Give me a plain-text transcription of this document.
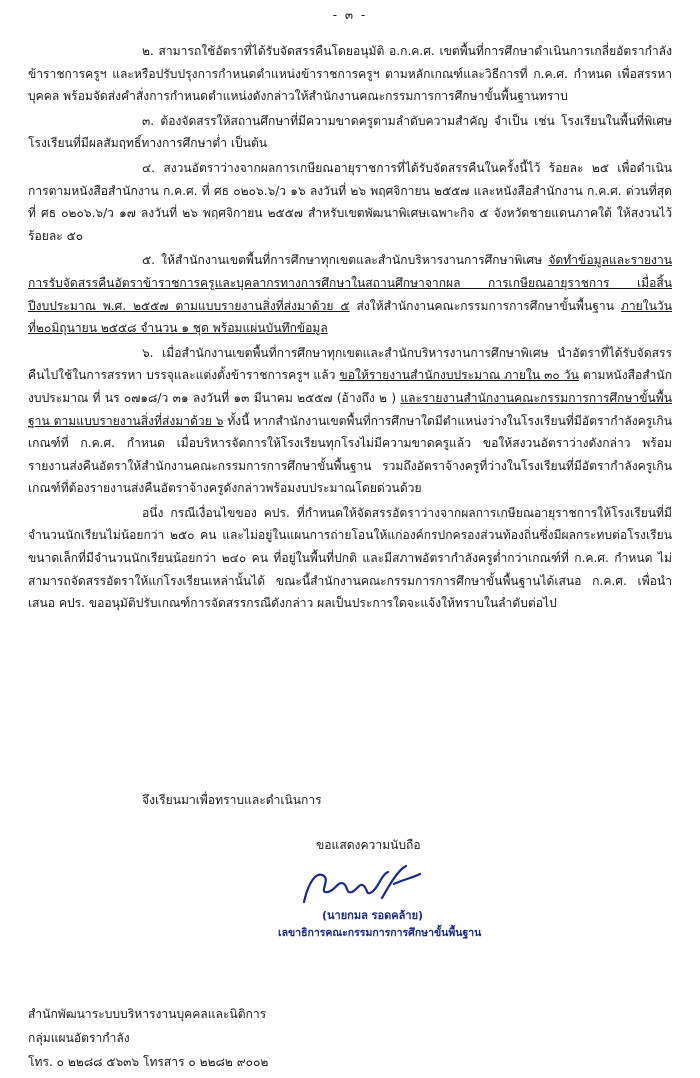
- ๓ -

๒. สามารถใช้อัตราที่ได้รับจัดสรรคืนโดยอนุมัติ อ.ก.ค.ศ. เขตพื้นที่การศึกษาดำเนินการเกลี่ยอัตรากำลังข้าราชการครูฯ และหรือปรับปรุงการกำหนดตำแหน่งข้าราชการครูฯ ตามหลักเกณฑ์และวิธีการที่ ก.ค.ศ. กำหนด เพื่อสรรหาบุคคล พร้อมจัดส่งคำสั่งการกำหนดตำแหน่งดังกล่าวให้สำนักงานคณะกรรมการการศึกษาขั้นพื้นฐานทราบ

๓. ต้องจัดสรรให้สถานศึกษาที่มีความขาดครูตามลำดับความสำคัญ จำเป็น เช่น โรงเรียนในพื้นที่พิเศษ โรงเรียนที่มีผลสัมฤทธิ์ทางการศึกษาต่ำ เป็นต้น

๔. สงวนอัตราว่างจากผลการเกษียณอายุราชการที่ได้รับจัดสรรคืนในครั้งนี้ไว้ ร้อยละ ๒๕ เพื่อดำเนินการตามหนังสือสำนักงาน ก.ค.ศ. ที่ ศธ ๐๒๐๖.๖/ว ๑๖ ลงวันที่ ๒๖ พฤศจิกายน ๒๕๕๗ และหนังสือสำนักงาน ก.ค.ศ. ด่วนที่สุด ที่ ศธ ๐๒๐๖.๖/ว ๑๗ ลงวันที่ ๒๖ พฤศจิกายน ๒๕๕๗ สำหรับเขตพัฒนาพิเศษเฉพาะกิจ ๕ จังหวัดชายแดนภาคใต้ ให้สงวนไว้ ร้อยละ ๕๐

๕. ให้สำนักงานเขตพื้นที่การศึกษาทุกเขตและสำนักบริหารงานการศึกษาพิเศษ จัดทำข้อมูลและรายงานการรับจัดสรรคืนอัตราข้าราชการครูและบุคลากรทางการศึกษาในสถานศึกษาจากผล การเกษียณอายุราชการ เมื่อสิ้นปีงบประมาณ พ.ศ. ๒๕๕๗ ตามแบบรายงานสิ่งที่ส่งมาด้วย ๕ ส่งให้สำนักงานคณะกรรมการการศึกษาขั้นพื้นฐาน ภายในวันที่๒๐มิถุนายน ๒๕๕๘ จำนวน ๑ ชุด พร้อมแผ่นบันทึกข้อมูล

๖. เมื่อสำนักงานเขตพื้นที่การศึกษาทุกเขตและสำนักบริหารงานการศึกษาพิเศษ นำอัตราที่ได้รับจัดสรรคืนไปใช้ในการสรรหา บรรจุและแต่งตั้งข้าราชการครูฯ แล้ว ขอให้รายงานสำนักงบประมาณ ภายใน ๓๐ วัน ตามหนังสือสำนักงบประมาณ ที่ นร ๐๗๑๘/ว ๓๑ ลงวันที่ ๑๓ มีนาคม ๒๕๕๗ (อ้างถึง ๒ ) และรายงานสำนักงานคณะกรรมการการศึกษาขั้นพื้นฐาน ตามแบบรายงานสิ่งที่ส่งมาด้วย ๖ ทั้งนี้ หากสำนักงานเขตพื้นที่การศึกษาใดมีตำแหน่งว่างในโรงเรียนที่มีอัตรากำลังครูเกินเกณฑ์ที่ ก.ค.ศ. กำหนด เมื่อบริหารจัดการให้โรงเรียนทุกโรงไม่มีความขาดครูแล้ว ขอให้สงวนอัตราว่างดังกล่าว พร้อมรายงานส่งคืนอัตราให้สำนักงานคณะกรรมการการศึกษาขั้นพื้นฐาน รวมถึงอัตราจ้างครูที่ว่างในโรงเรียนที่มีอัตรากำลังครูเกินเกณฑ์ที่ต้องรายงานส่งคืนอัตราจ้างครูดังกล่าวพร้อมงบประมาณโดยด่วนด้วย

อนึ่ง กรณีเงื่อนไขของ คปร. ที่กำหนดให้จัดสรรอัตราว่างจากผลการเกษียณอายุราชการให้โรงเรียนที่มีจำนวนนักเรียนไม่น้อยกว่า ๒๕๐ คน และไม่อยู่ในแผนการถ่ายโอนให้แก่องค์กรปกครองส่วนท้องถิ่นซึ่งมีผลกระทบต่อโรงเรียนขนาดเล็กที่มีจำนวนนักเรียนน้อยกว่า ๒๔๐ คน ที่อยู่ในพื้นที่ปกติ และมีสภาพอัตรากำลังครูต่ำกว่าเกณฑ์ที่ ก.ค.ศ. กำหนด ไม่สามารถจัดสรรอัตราให้แก่โรงเรียนเหล่านั้นได้ ขณะนี้สำนักงานคณะกรรมการการศึกษาขั้นพื้นฐานได้เสนอ ก.ค.ศ. เพื่อนำเสนอ คปร. ขออนุมัติปรับเกณฑ์การจัดสรรกรณีดังกล่าว ผลเป็นประการใดจะแจ้งให้ทราบในลำดับต่อไป

จึงเรียนมาเพื่อทราบและดำเนินการ
ขอแสดงความนับถือ
(นายกมล รอดคล้าย)
เลขาธิการคณะกรรมการการศึกษาขั้นพื้นฐาน
สำนักพัฒนาระบบบริหารงานบุคคลและนิติการ
กลุ่มแผนอัตรากำลัง
โทร. ๐ ๒๒๘๘ ๕๖๓๖ โทรสาร ๐ ๒๒๘๒ ๙๐๐๒
